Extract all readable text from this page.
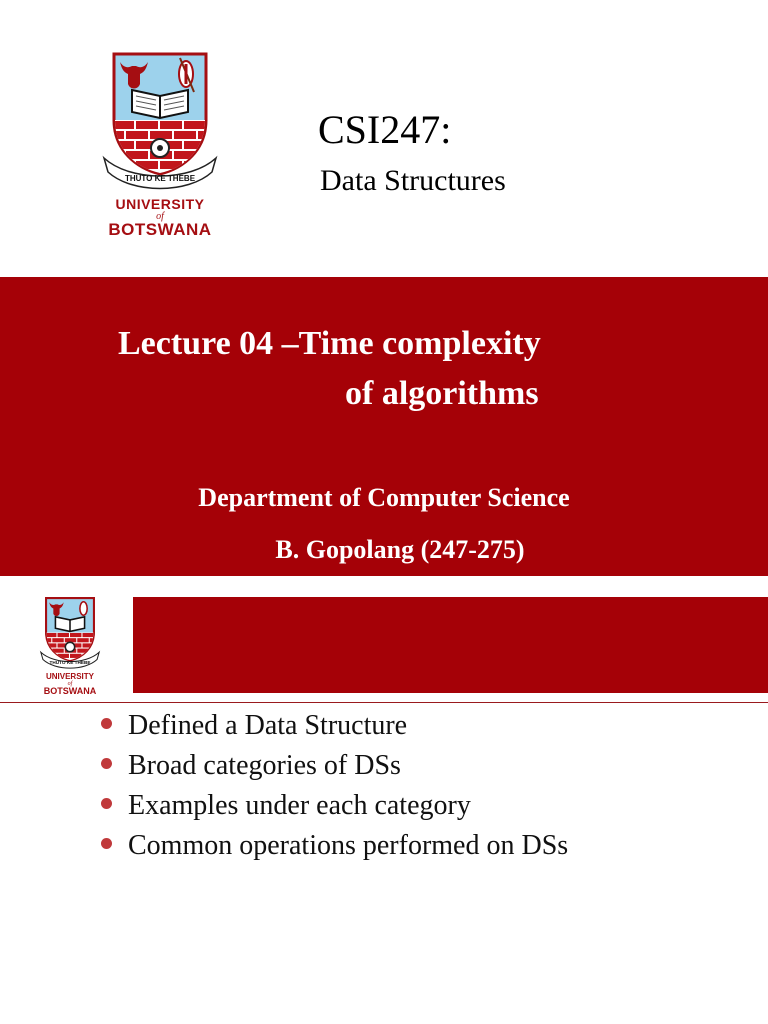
THUTO KE THEBE
UNIVERSITY
of
BOTSWANA
CSI247:
Data Structures
Lecture 04 –Time complexity
of algorithms
Department of Computer Science
B. Gopolang (247-275)
THUTO KE THEBE
UNIVERSITY
of
BOTSWANA
Defined a Data Structure
Broad categories of DSs
Examples under each category
Common operations performed on DSs
